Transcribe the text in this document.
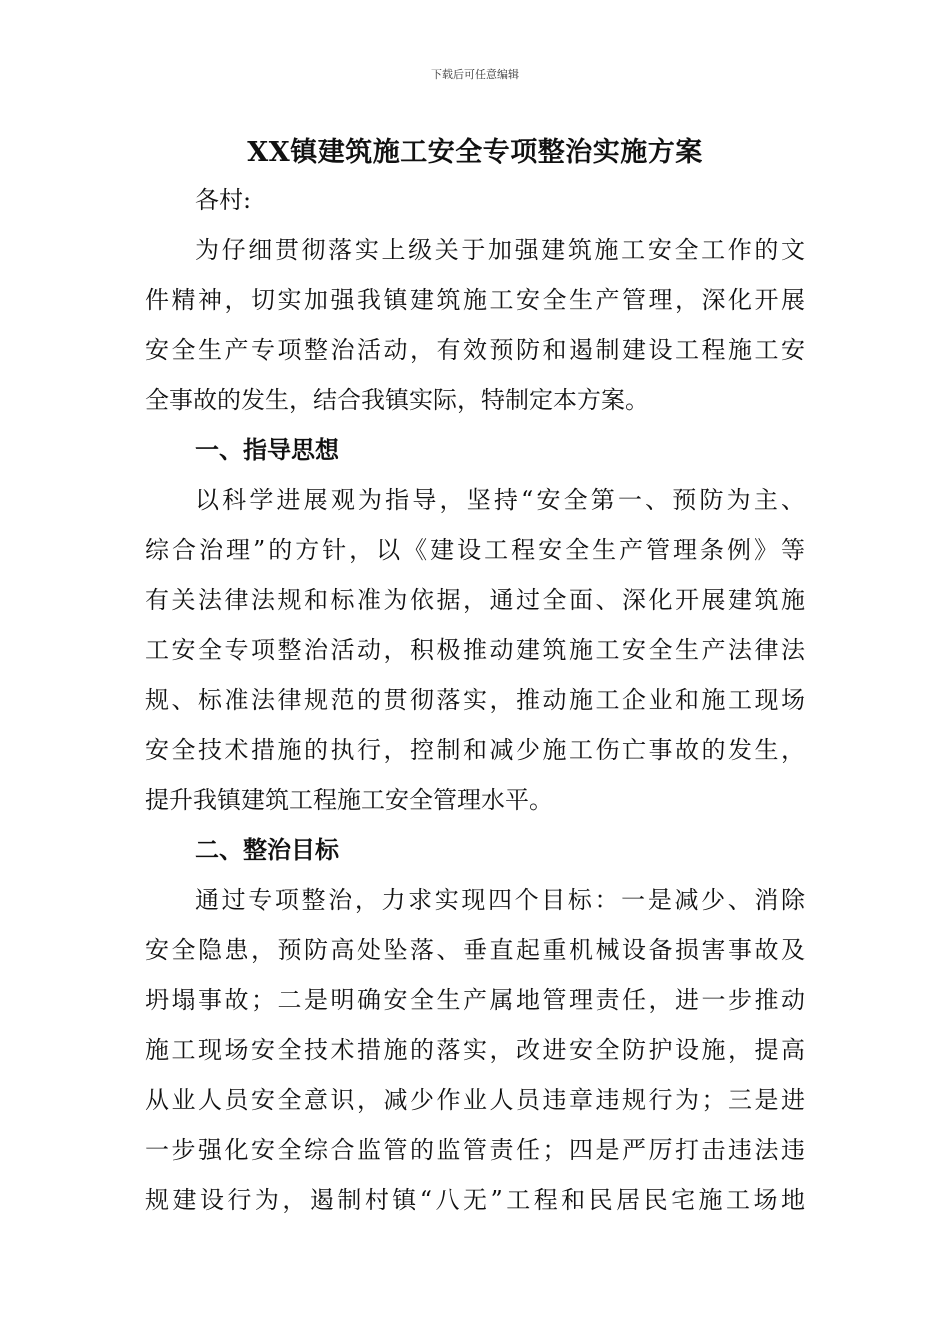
下载后可任意编辑
XX镇建筑施工安全专项整治实施方案
各村:
为仔细贯彻落实上级关于加强建筑施工安全工作的文
件精神，切实加强我镇建筑施工安全生产管理，深化开展
安全生产专项整治活动，有效预防和遏制建设工程施工安
全事故的发生，结合我镇实际，特制定本方案。
一、指导思想
以科学进展观为指导，坚持“安全第一、预防为主、
综合治理”的方针，以《建设工程安全生产管理条例》等
有关法律法规和标准为依据，通过全面、深化开展建筑施
工安全专项整治活动，积极推动建筑施工安全生产法律法
规、标准法律规范的贯彻落实，推动施工企业和施工现场
安全技术措施的执行，控制和减少施工伤亡事故的发生，
提升我镇建筑工程施工安全管理水平。
二、整治目标
通过专项整治，力求实现四个目标：一是减少、消除
安全隐患，预防高处坠落、垂直起重机械设备损害事故及
坍塌事故；二是明确安全生产属地管理责任，进一步推动
施工现场安全技术措施的落实，改进安全防护设施，提高
从业人员安全意识，减少作业人员违章违规行为；三是进
一步强化安全综合监管的监管责任；四是严厉打击违法违
规建设行为，遏制村镇“八无”工程和民居民宅施工场地
